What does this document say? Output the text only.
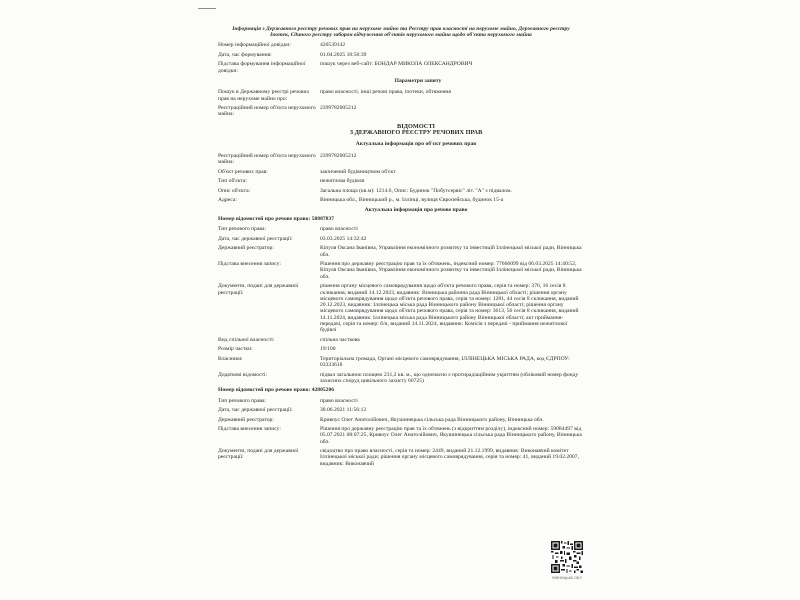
Інформація з Державного реєстру речових прав на нерухоме майно та Реєстру прав власності на нерухоме майно, Державного реєстру Іпотек, Єдиного реєстру заборон відчуження об'єктів нерухомого майна щодо об'єкта нерухомого майна
Номер інформаційної довідки:	420539142
Дата, час формування:	01.04.2025 10:56:39
Підстава формування інформаційної довідки:
пошук через веб-сайт: БОНДАР МИКОЛА ОЛЕКСАНДРОВИЧ
Параметри запиту
Пошук в Державному реєстрі речових прав на нерухоме майно про:
право власності, інші речові права, іпотеки, обтяження
Реєстраційний номер об'єкта нерухомого майна:
2399782005212
ВІДОМОСТІ
З ДЕРЖАВНОГО РЕЄСТРУ РЕЧОВИХ ПРАВ
Актуальна інформація про об'єкт речових прав
Реєстраційний номер об'єкта нерухомого майна:
2399782005212
Об'єкт речових прав:	закінчений будівництвом об'єкт
Тип об'єкта:	нежитлова будівля
Опис об'єкта:	Загальна площа (кв.м): 1214.6, Опис: Будинок "Побутсервіс" літ. "А" з підвалом.
Адреса:	Вінницька обл., Вінницький р., м. Іллінці, вулиця Європейська, будинок 15-а
Актуальна інформація про речове право
Номер відомостей про речове право: 58887837
Тип речового права:	право власності
Дата, час державної реєстрації:	03.03.2025 14:32:42
Державний реєстратор:	Кіпуля Оксана Іванівна, Управління економічного розвитку та інвестицій Іллінецької міської ради, Вінницька обл.
Підстава внесення запису:	Рішення про державну реєстрацію прав та їх обтяжень, індексний номер: 77666099 від 06.03.2025 14:40:52, Кіпуля Оксана Іванівна, Управління економічного розвитку та інвестицій Іллінецької міської ради, Вінницька обл.
Документи, подані для державної реєстрації:
рішення органу місцевого самоврядування щодо об'єкта речового права, серія та номер: 376, 16 сесія 8 скликання, виданий 14.12.2023, видавник: Вінницька районна рада Вінницької області; рішення органу місцевого самоврядування щодо об'єкта речового права, серія та номер: 1281, 44 сесія 8 скликання, виданий 20.12.2023, видавник: Іллінецька міська рада Вінницького району Вінницької області; рішення органу місцевого самоврядування щодо об'єкта речового права, серія та номер: 3613, 56 сесія 8 скликання, виданий 14.11.2024, видавник: Іллінецька міська рада Вінницького району Вінницької області; акт приймання-передачі, серія та номер: б/н, виданий 14.11.2024, видавник: Комісія з передачі - приймання нежитлової будівлі
Вид спільної власності:	спільна часткова
Розмір частки:	19/100
Власники:	Територіальна громада, Органі місцевого самоврядування, ІЛЛІНЕЦЬКА МІСЬКА РАДА, код ЄДРПОУ: 03333618
Додаткові відомості:	підвал загальною площею 231,2 кв. м., що одночасно є протирадіаційним укриттям (обліковий номер фонду захисних споруд цивільного захисту 60725)
Номер відомостей про речове право: 42805206
Тип речового права:	право власності
Дата, час державної реєстрації:	30.06.2021 11:56:12
Державний реєстратор:	Кривоус Олег Анатолійович, Якушинецька сільська рада Вінницького району, Вінницька обл.
Підстава внесення запису:	Рішення про державну реєстрацію прав та їх обтяжень (з відкриттям розділу), індексний номер: 59084497 від 05.07.2021 08:07:25, Кривоус Олег Анатолійович, Якушинецька сільська рада Вінницького району, Вінницька обл.
Документи, подані для державної реєстрації:
свідоцтво про право власності, серія та номер: 2449, виданий 21.12.1999, видавник: Виконавчий комітет Іллінецької міської ради; рішення органу місцевого самоврядування, серія та номер: 41, виданий 19.02.2007, видавник: Виконавчий
ВІННИЦЬКА ОБЛ
